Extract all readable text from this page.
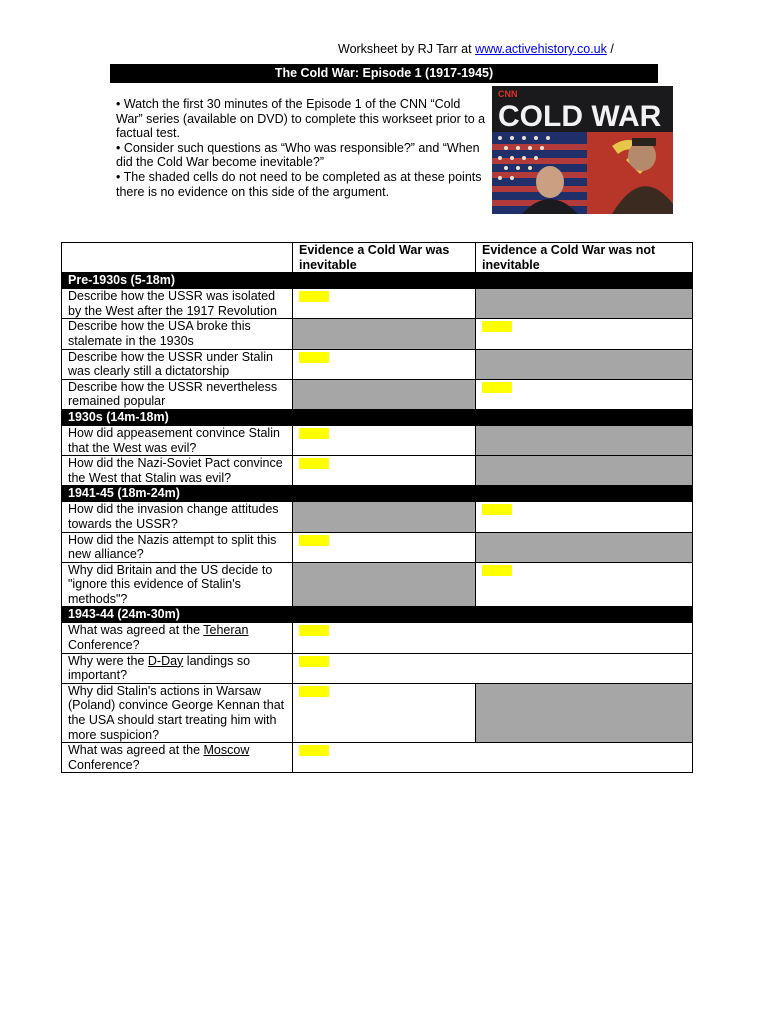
Worksheet by RJ Tarr at www.activehistory.co.uk /
The Cold War: Episode 1 (1917-1945)

• Watch the first 30 minutes of the Episode 1 of the CNN “Cold War” series (available on DVD) to complete this workseet prior to a factual test.

• Consider such questions as “Who was responsible?” and “When did the Cold War become inevitable?”

• The shaded cells do not need to be completed as at these points there is no evidence on this side of the argument.

COLD WAR
CNN
	Evidence a Cold War was inevitable	Evidence a Cold War was not inevitable
Pre-1930s (5-18m)		
Describe how the USSR was isolated by the West after the 1917 Revolution		
Describe how the USA broke this stalemate in the 1930s		
Describe how the USSR under Stalin was clearly still a dictatorship		
Describe how the USSR nevertheless remained popular		
1930s (14m-18m)		
How did appeasement convince Stalin that the West was evil?		
How did the Nazi-Soviet Pact convince the West that Stalin was evil?		
1941-45 (18m-24m)		
How did the invasion change attitudes towards the USSR?		
How did the Nazis attempt to split this new alliance?		
Why did Britain and the US decide to "ignore this evidence of Stalin's methods"?		
1943-44 (24m-30m)		
What was agreed at the Teheran Conference?		
Why were the D-Day landings so important?		
Why did Stalin's actions in Warsaw (Poland) convince George Kennan that the USA should start treating him with more suspicion?		
What was agreed at the Moscow Conference?		
